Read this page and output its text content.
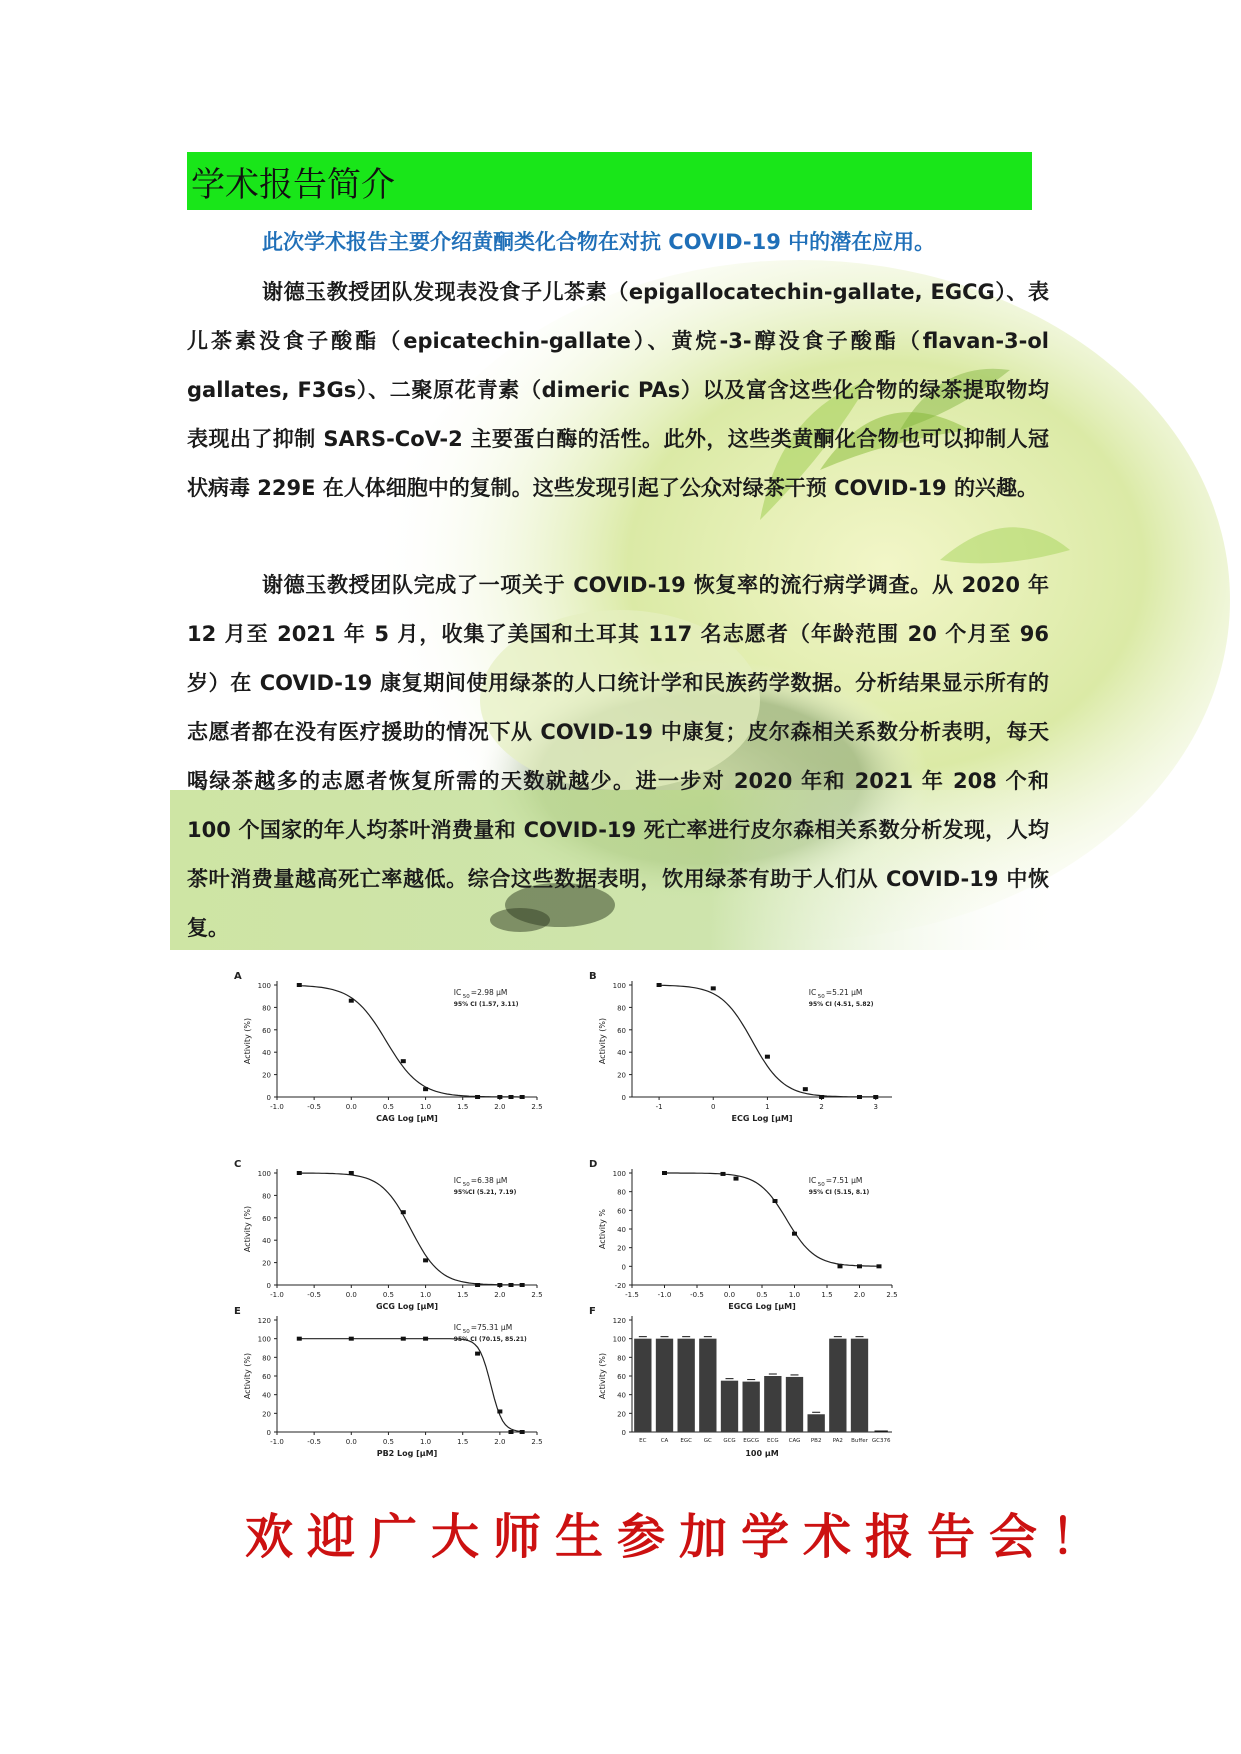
学术报告简介

此次学术报告主要介绍黄酮类化合物在对抗 COVID-19 中的潜在应用。

谢德玉教授团队发现表没食子儿茶素（epigallocatechin-gallate, EGCG）、表儿茶素没食子酸酯（epicatechin-gallate）、黄烷-3-醇没食子酸酯（flavan-3-ol gallates, F3Gs）、二聚原花青素（dimeric PAs）以及富含这些化合物的绿茶提取物均表现出了抑制 SARS-CoV-2 主要蛋白酶的活性。此外，这些类黄酮化合物也可以抑制人冠状病毒 229E 在人体细胞中的复制。这些发现引起了公众对绿茶干预 COVID-19 的兴趣。

谢德玉教授团队完成了一项关于 COVID-19 恢复率的流行病学调查。从 2020 年 12 月至 2021 年 5 月，收集了美国和土耳其 117 名志愿者（年龄范围 20 个月至 96 岁）在 COVID-19 康复期间使用绿茶的人口统计学和民族药学数据。分析结果显示所有的志愿者都在没有医疗援助的情况下从 COVID-19 中康复；皮尔森相关系数分析表明，每天喝绿茶越多的志愿者恢复所需的天数就越少。进一步对 2020 年和 2021 年 208 个和 100 个国家的年人均茶叶消费量和 COVID-19 死亡率进行皮尔森相关系数分析发现，人均茶叶消费量越高死亡率越低。综合这些数据表明，饮用绿茶有助于人们从 COVID-19 中恢复。

A
0
20
40
60
80
100
Activity (%)
-1.0	-0.5	0.0	0.5	1.0	1.5	2.0	2.5
IC 50 =2.98 μM
95% CI (1.57, 3.11)
CAG Log [μM]
B
0
20
40
60
80
100
Activity (%)
-1	0	1	2	3
IC 50 =5.21 μM
95% CI (4.51, 5.82)
ECG Log [μM]
C
0
20
40
60
80
100
Activity (%)
-1.0	-0.5	0.0	0.5	1.0	1.5	2.0	2.5
IC 50 =6.38 μM
95%CI (5.21, 7.19)
GCG Log [μM]
D
-20
0
20
40
60
80
100
Activity %
-1.5	-1.0	-0.5	0.0	0.5	1.0	1.5	2.0	2.5
IC 50 =7.51 μM
95% CI (5.15, 8.1)
EGCG Log [μM]
E
0
20
40
60
80
100
120
Activity (%)
-1.0	-0.5	0.0	0.5	1.0	1.5	2.0	2.5
IC 50 =75.31 μM
95% CI (70.15, 85.21)
PB2 Log [μM]
F
0
20
40
60
80
100
120
Activity (%)
EC	CA EGC GC GCG EGCG ECG CAG PB2 PA2 Buffer GC376
100 μM
欢迎广大师生参加学术报告会！
